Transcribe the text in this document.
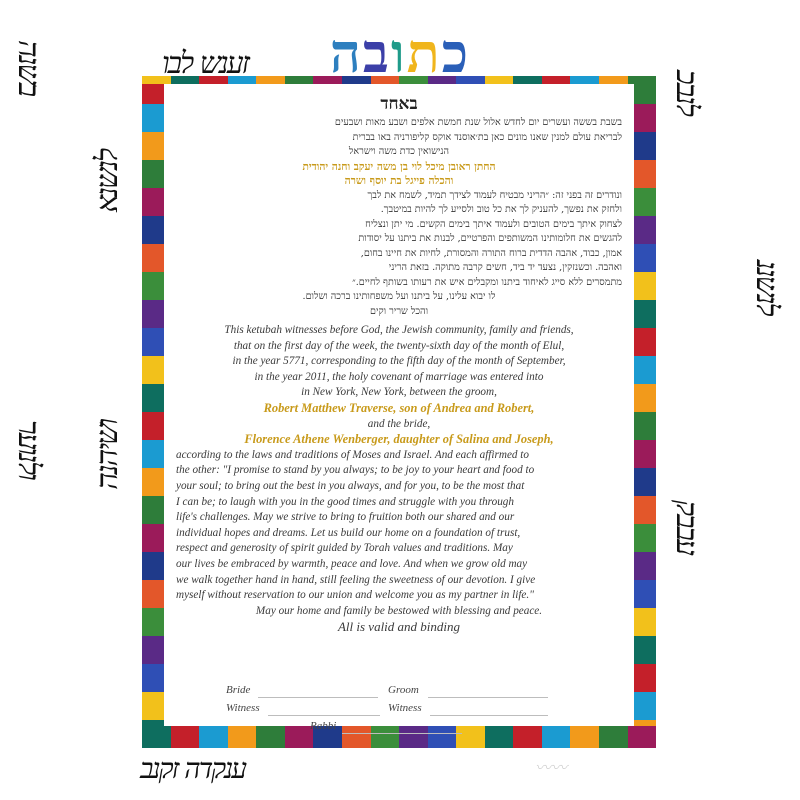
זענש לבו
בשנה
לנשנא
ושיהנה
ולנוער
לנבכ
לנשננ
עבבק
ענקדה זקנב
כתובה

באחד

בשבת בששה ועשרים יום לחדש אלול שנת חמשת אלפים ושבע מאות ושבעים

לבריאת עולם למנין שאנו מונים כאן בת׳אוסנד אוקס קליפורניה באו בברית

הנישואין כדת משה וישראל

החתן ראובן מיכל לוי בן משה יעקב וחנה יהודית

והכלה פייגל בת יוסף ושרה

ונודרים זה בפני זה: ״הריני מבטיח לעמוד לצידך תמיד, לשמח את לבך

ולחזק את נפשך, להעניק לך את כל טוב ולסייע לך להיות במיטבך.

לצחוק איתך בימים הטובים ולעמוד איתך בימים הקשים. מי יתן ונצליח

להגשים את חלומותינו המשותפים והפרטיים, לבנות את ביתנו על יסודות

אמון, כבוד, אהבה הדדית ברוח התורה והמסורת, לחיות את חיינו בחום,

ואהבה. וכשנזקין, נצעד יד ביד, חשים קרבה מתוקה. בזאת הריני

מתמסרים ללא סייג לאיחוד ביתנו ומקבלים איש את רעותו בשותף לחיים.״

לו יבוא עלינו, על ביתנו ועל משפחותינו ברכה ושלום.

והכל שריר וקים

This ketubah witnesses before God, the Jewish community, family and friends,

that on the first day of the week, the twenty-sixth day of the month of Elul,

in the year 5771, corresponding to the fifth day of the month of September,

in the year 2011, the holy covenant of marriage was entered into

in New York, New York, between the groom,

Robert Matthew Traverse, son of Andrea and Robert,

and the bride,

Florence Athene Wenberger, daughter of Salina and Joseph,

according to the laws and traditions of Moses and Israel. And each affirmed to

the other: "I promise to stand by you always; to be joy to your heart and food to

your soul; to bring out the best in you always, and for you, to be the most that

I can be; to laugh with you in the good times and struggle with you through

life's challenges. May we strive to bring to fruition both our shared and our

individual hopes and dreams. Let us build our home on a foundation of trust,

respect and generosity of spirit guided by Torah values and traditions. May

our lives be embraced by warmth, peace and love. And when we grow old may

we walk together hand in hand, still feeling the sweetness of our devotion. I give

myself without reservation to our union and welcome you as my partner in life."

May our home and family be bestowed with blessing and peace.

All is valid and binding

Bride	Groom
Witness	Witness
Rabbi
〰〰
